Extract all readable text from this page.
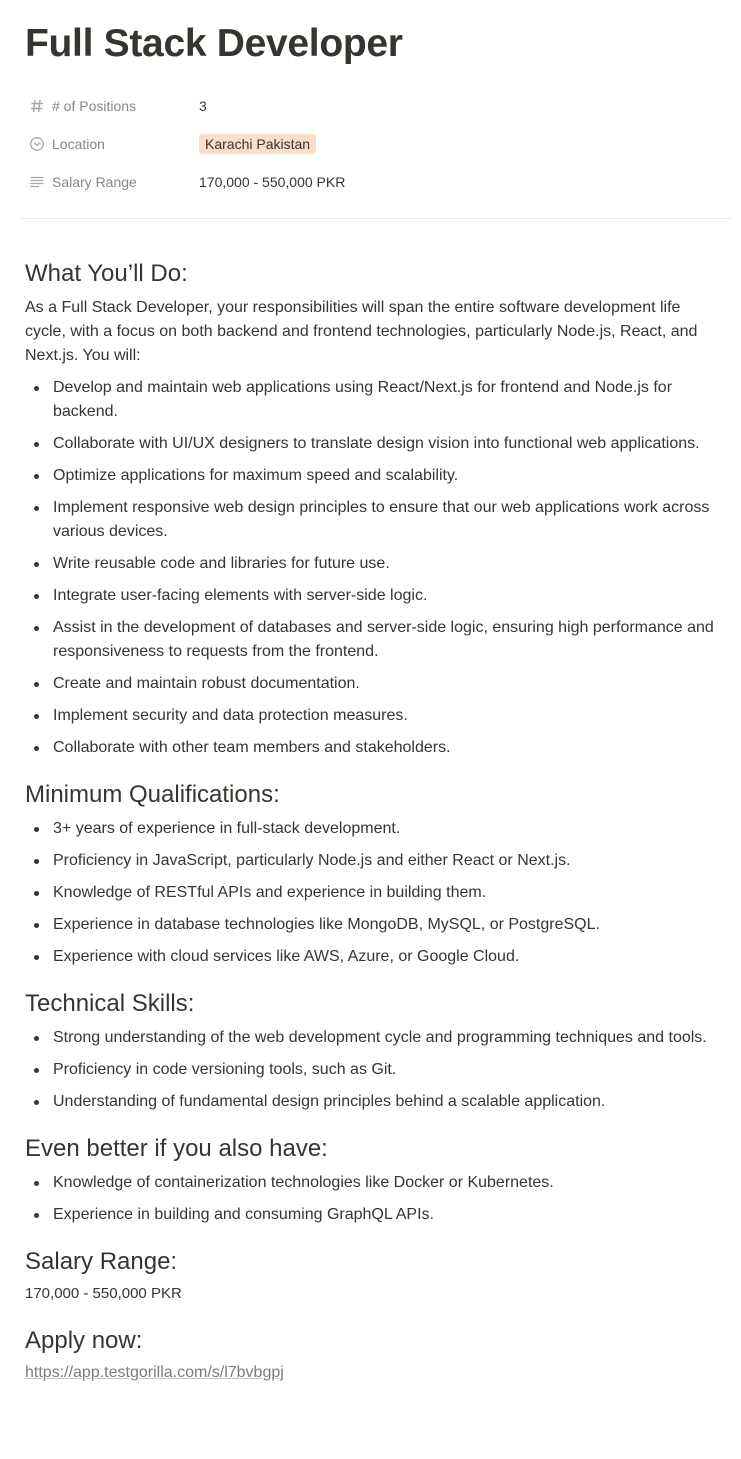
Full Stack Developer
# of Positions	3
Location	Karachi Pakistan
Salary Range	170,000 - 550,000 PKR
What You’ll Do:

As a Full Stack Developer, your responsibilities will span the entire software development life cycle, with a focus on both backend and frontend technologies, particularly Node.js, React, and Next.js. You will:

Develop and maintain web applications using React/Next.js for frontend and Node.js for backend.
Collaborate with UI/UX designers to translate design vision into functional web applications.
Optimize applications for maximum speed and scalability.
Implement responsive web design principles to ensure that our web applications work across various devices.
Write reusable code and libraries for future use.
Integrate user-facing elements with server-side logic.
Assist in the development of databases and server-side logic, ensuring high performance and responsiveness to requests from the frontend.
Create and maintain robust documentation.
Implement security and data protection measures.
Collaborate with other team members and stakeholders.
Minimum Qualifications:
3+ years of experience in full-stack development.
Proficiency in JavaScript, particularly Node.js and either React or Next.js.
Knowledge of RESTful APIs and experience in building them.
Experience in database technologies like MongoDB, MySQL, or PostgreSQL.
Experience with cloud services like AWS, Azure, or Google Cloud.
Technical Skills:
Strong understanding of the web development cycle and programming techniques and tools.
Proficiency in code versioning tools, such as Git.
Understanding of fundamental design principles behind a scalable application.
Even better if you also have:
Knowledge of containerization technologies like Docker or Kubernetes.
Experience in building and consuming GraphQL APIs.
Salary Range:

170,000 - 550,000 PKR

Apply now:

https://app.testgorilla.com/s/l7bvbgpj
